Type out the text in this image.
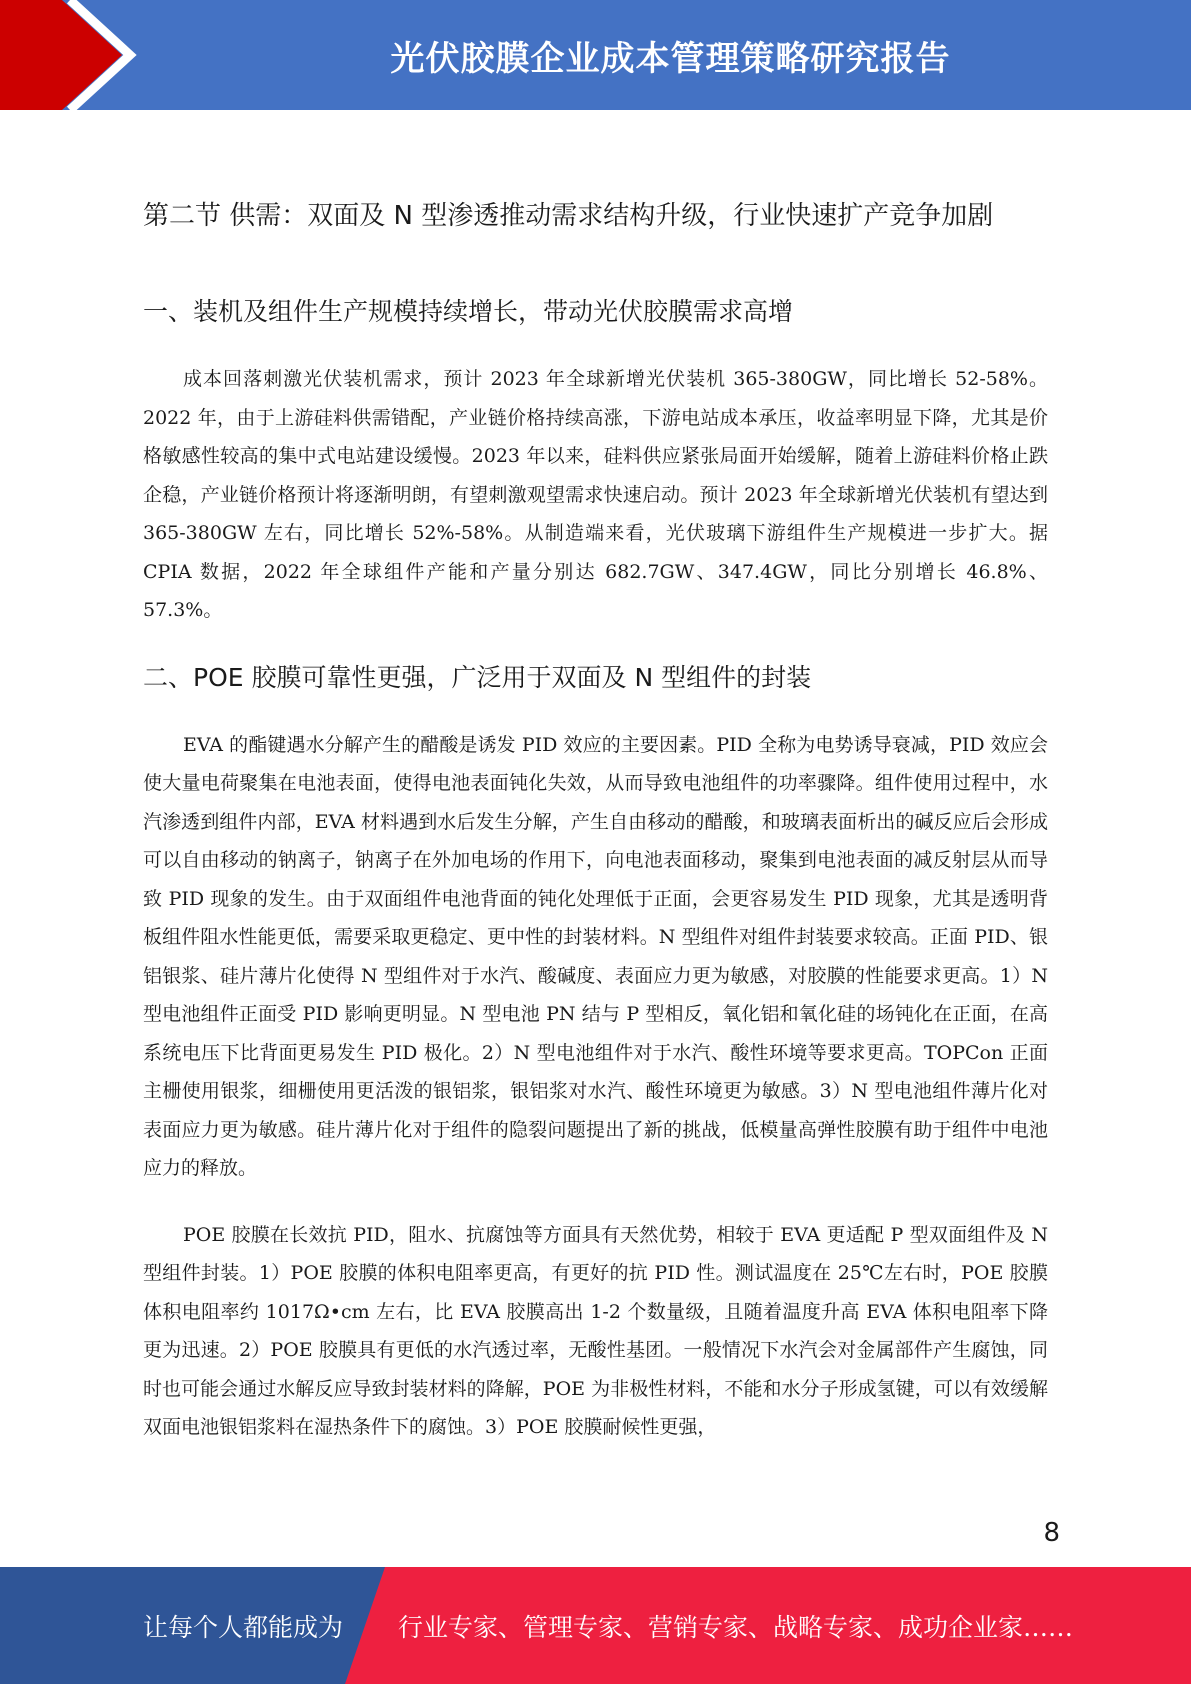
光伏胶膜企业成本管理策略研究报告
第二节 供需：双面及 N 型渗透推动需求结构升级，行业快速扩产竞争加剧
一、装机及组件生产规模持续增长，带动光伏胶膜需求高增

成本回落刺激光伏装机需求，预计 2023 年全球新增光伏装机 365-380GW，同比增长 52-58%。2022 年，由于上游硅料供需错配，产业链价格持续高涨，下游电站成本承压，收益率明显下降，尤其是价格敏感性较高的集中式电站建设缓慢。2023 年以来，硅料供应紧张局面开始缓解，随着上游硅料价格止跌企稳，产业链价格预计将逐渐明朗，有望刺激观望需求快速启动。预计 2023 年全球新增光伏装机有望达到 365-380GW 左右，同比增长 52%-58%。从制造端来看，光伏玻璃下游组件生产规模进一步扩大。据 CPIA 数据，2022 年全球组件产能和产量分别达 682.7GW、347.4GW，同比分别增长 46.8%、57.3%。

二、POE 胶膜可靠性更强，广泛用于双面及 N 型组件的封装

EVA 的酯键遇水分解产生的醋酸是诱发 PID 效应的主要因素。PID 全称为电势诱导衰减，PID 效应会使大量电荷聚集在电池表面，使得电池表面钝化失效，从而导致电池组件的功率骤降。组件使用过程中，水汽渗透到组件内部，EVA 材料遇到水后发生分解，产生自由移动的醋酸，和玻璃表面析出的碱反应后会形成可以自由移动的钠离子，钠离子在外加电场的作用下，向电池表面移动，聚集到电池表面的减反射层从而导致 PID 现象的发生。由于双面组件电池背面的钝化处理低于正面，会更容易发生 PID 现象，尤其是透明背板组件阻水性能更低，需要采取更稳定、更中性的封装材料。N 型组件对组件封装要求较高。正面 PID、银铝银浆、硅片薄片化使得 N 型组件对于水汽、酸碱度、表面应力更为敏感，对胶膜的性能要求更高。1）N 型电池组件正面受 PID 影响更明显。N 型电池 PN 结与 P 型相反，氧化铝和氧化硅的场钝化在正面，在高系统电压下比背面更易发生 PID 极化。2）N 型电池组件对于水汽、酸性环境等要求更高。TOPCon 正面主栅使用银浆，细栅使用更活泼的银铝浆，银铝浆对水汽、酸性环境更为敏感。3）N 型电池组件薄片化对表面应力更为敏感。硅片薄片化对于组件的隐裂问题提出了新的挑战，低模量高弹性胶膜有助于组件中电池应力的释放。

POE 胶膜在长效抗 PID，阻水、抗腐蚀等方面具有天然优势，相较于 EVA 更适配 P 型双面组件及 N 型组件封装。1）POE 胶膜的体积电阻率更高，有更好的抗 PID 性。测试温度在 25℃左右时，POE 胶膜体积电阻率约 1017Ω•cm 左右，比 EVA 胶膜高出 1-2 个数量级，且随着温度升高 EVA 体积电阻率下降更为迅速。2）POE 胶膜具有更低的水汽透过率，无酸性基团。一般情况下水汽会对金属部件产生腐蚀，同时也可能会通过水解反应导致封装材料的降解，POE 为非极性材料，不能和水分子形成氢键，可以有效缓解双面电池银铝浆料在湿热条件下的腐蚀。3）POE 胶膜耐候性更强，

8
让每个人都能成为 行业专家、管理专家、营销专家、战略专家、成功企业家……
